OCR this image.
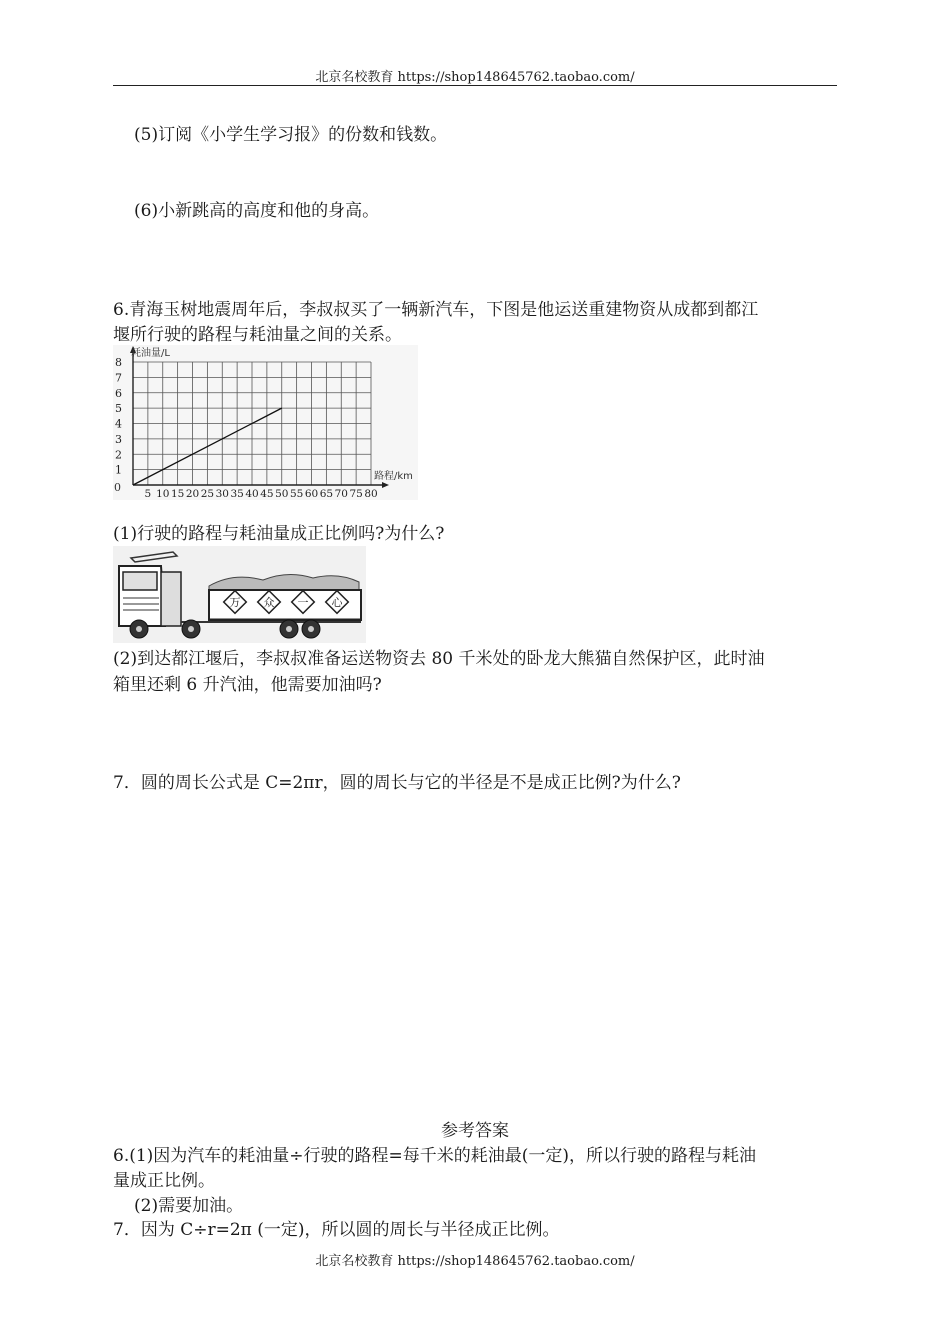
北京名校教育 https://shop148645762.taobao.com/
(5)订阅《小学生学习报》的份数和钱数。
(6)小新跳高的高度和他的身高。
6.青海玉树地震周年后，李叔叔买了一辆新汽车，下图是他运送重建物资从成都到都江
堰所行驶的路程与耗油量之间的关系。
1
2
3
4
5
6
7
8
5 10 15 20 25 30 35 40 45 50 55 60 65 70 75 80
耗油量/L
路程/km
0
(1)行驶的路程与耗油量成正比例吗?为什么?
万 众 一 心
(2)到达都江堰后，李叔叔准备运送物资去 80 千米处的卧龙大熊猫自然保护区，此时油
箱里还剩 6 升汽油，他需要加油吗?
7．圆的周长公式是 C=2πr，圆的周长与它的半径是不是成正比例?为什么?
参考答案
6.(1)因为汽车的耗油量÷行驶的路程=每千米的耗油最(一定)，所以行驶的路程与耗油
量成正比例。
(2)需要加油。
7．因为 C÷r=2π (一定)，所以圆的周长与半径成正比例。
北京名校教育 https://shop148645762.taobao.com/
